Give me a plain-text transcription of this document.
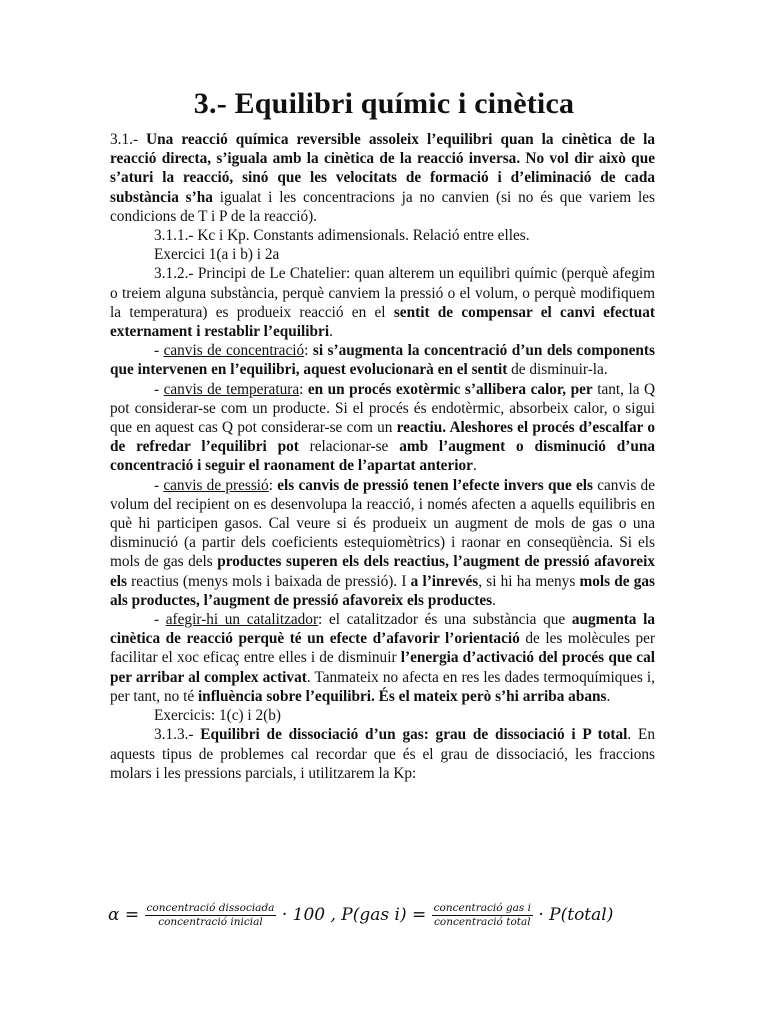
3.- Equilibri químic i cinètica

3.1.- Una reacció química reversible assoleix l’equilibri quan la cinètica de la reacció directa, s’iguala amb la cinètica de la reacció inversa. No vol dir això que s’aturi la reacció, sinó que les velocitats de formació i d’eliminació de cada substància s’ha igualat i les concentracions ja no canvien (si no és que variem les condicions de T i P de la reacció).

3.1.1.- Kc i Kp. Constants adimensionals. Relació entre elles.

Exercici 1(a i b) i 2a

3.1.2.- Principi de Le Chatelier: quan alterem un equilibri químic (perquè afegim o treiem alguna substància, perquè canviem la pressió o el volum, o perquè modifiquem la temperatura) es produeix reacció en el sentit de compensar el canvi efectuat externament i restablir l’equilibri.

- canvis de concentració: si s’augmenta la concentració d’un dels components que intervenen en l’equilibri, aquest evolucionarà en el sentit de disminuir-la.

- canvis de temperatura: en un procés exotèrmic s’allibera calor, per tant, la Q pot considerar-se com un producte. Si el procés és endotèrmic, absorbeix calor, o sigui que en aquest cas Q pot considerar-se com un reactiu. Aleshores el procés d’escalfar o de refredar l’equilibri pot relacionar-se amb l’augment o disminució d’una concentració i seguir el raonament de l’apartat anterior.

- canvis de pressió: els canvis de pressió tenen l’efecte invers que els canvis de volum del recipient on es desenvolupa la reacció, i només afecten a aquells equilibris en què hi participen gasos. Cal veure si és produeix un augment de mols de gas o una disminució (a partir dels coeficients estequiomètrics) i raonar en conseqüència. Si els mols de gas dels productes superen els dels reactius, l’augment de pressió afavoreix els reactius (menys mols i baixada de pressió). I a l’inrevés, si hi ha menys mols de gas als productes, l’augment de pressió afavoreix els productes.

- afegir-hi un catalitzador: el catalitzador és una substància que augmenta la cinètica de reacció perquè té un efecte d’afavorir l’orientació de les molècules per facilitar el xoc eficaç entre elles i de disminuir l’energia d’activació del procés que cal per arribar al complex activat. Tanmateix no afecta en res les dades termoquímiques i, per tant, no té influència sobre l’equilibri. És el mateix però s’hi arriba abans.

Exercicis: 1(c) i 2(b)

3.1.3.- Equilibri de dissociació d’un gas: grau de dissociació i P total. En aquests tipus de problemes cal recordar que és el grau de dissociació, les fraccions molars i les pressions parcials, i utilitzarem la Kp:

$\alpha = \frac{\text{concentració dissociada}}{\text{concentració inicial}} \cdot 100$ , P(gas $i) = \frac{\text{concentració gas i}}{\text{concentració total}}$ · P(total)
